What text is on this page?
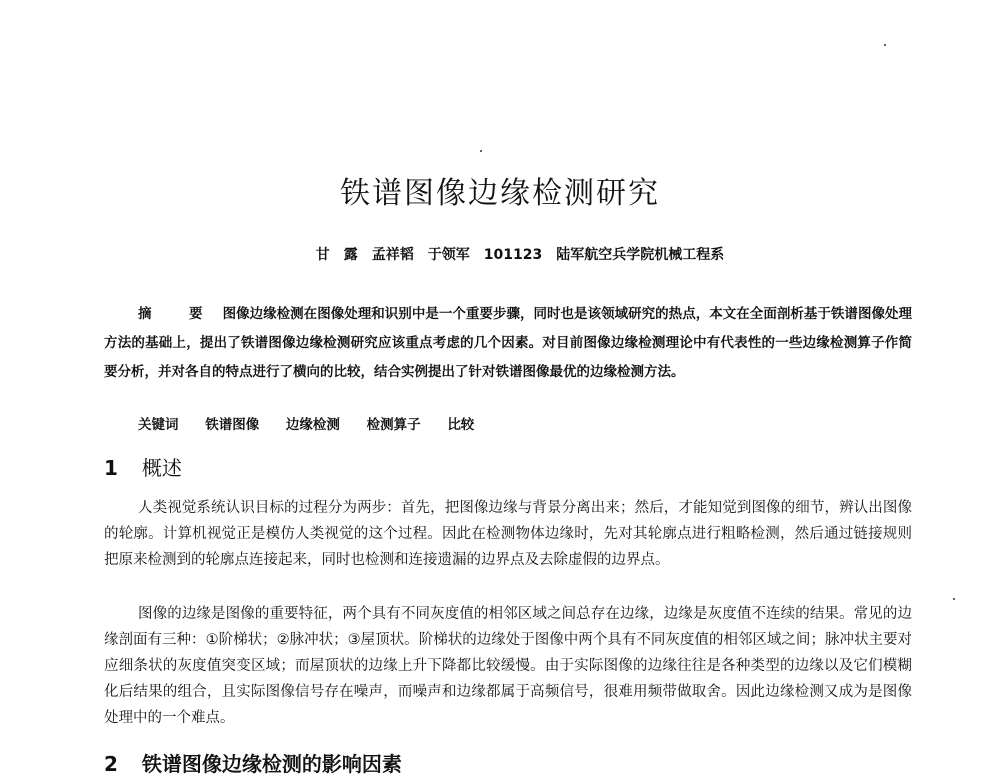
铁谱图像边缘检测研究
甘　露　孟祥韬　于领军　101123　陆军航空兵学院机械工程系
摘　要 图像边缘检测在图像处理和识别中是一个重要步骤，同时也是该领域研究的热点，本文在全面剖析基于铁谱图像处理方法的基础上，提出了铁谱图像边缘检测研究应该重点考虑的几个因素。对目前图像边缘检测理论中有代表性的一些边缘检测算子作简要分析，并对各自的特点进行了横向的比较，结合实例提出了针对铁谱图像最优的边缘检测方法。
关键词 铁谱图像 边缘检测 检测算子 比较
1 概述

人类视觉系统认识目标的过程分为两步：首先，把图像边缘与背景分离出来；然后，才能知觉到图像的细节，辨认出图像的轮廓。计算机视觉正是模仿人类视觉的这个过程。因此在检测物体边缘时，先对其轮廓点进行粗略检测，然后通过链接规则把原来检测到的轮廓点连接起来，同时也检测和连接遗漏的边界点及去除虚假的边界点。

图像的边缘是图像的重要特征，两个具有不同灰度值的相邻区域之间总存在边缘，边缘是灰度值不连续的结果。常见的边缘剖面有三种：①阶梯状；②脉冲状；③屋顶状。阶梯状的边缘处于图像中两个具有不同灰度值的相邻区域之间；脉冲状主要对应细条状的灰度值突变区域；而屋顶状的边缘上升下降都比较缓慢。由于实际图像的边缘往往是各种类型的边缘以及它们模糊化后结果的组合，且实际图像信号存在噪声，而噪声和边缘都属于高频信号，很难用频带做取舍。因此边缘检测又成为是图像处理中的一个难点。

2 铁谱图像边缘检测的影响因素
